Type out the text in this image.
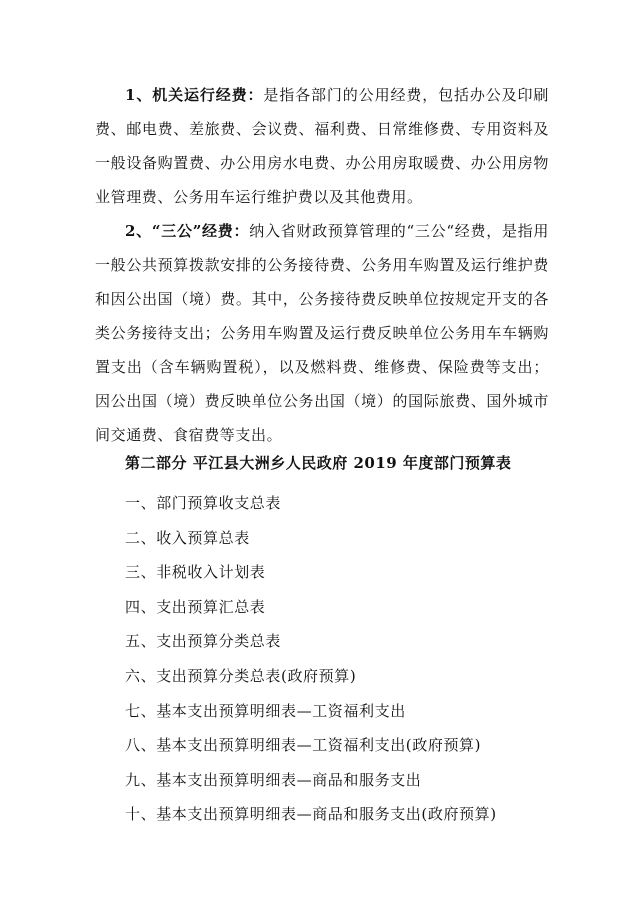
1、机关运行经费：是指各部门的公用经费，包括办公及印刷费、邮电费、差旅费、会议费、福利费、日常维修费、专用资料及一般设备购置费、办公用房水电费、办公用房取暖费、办公用房物业管理费、公务用车运行维护费以及其他费用。

2、“三公”经费：纳入省财政预算管理的“三公“经费，是指用一般公共预算拨款安排的公务接待费、公务用车购置及运行维护费和因公出国（境）费。其中，公务接待费反映单位按规定开支的各类公务接待支出；公务用车购置及运行费反映单位公务用车车辆购置支出（含车辆购置税），以及燃料费、维修费、保险费等支出；因公出国（境）费反映单位公务出国（境）的国际旅费、国外城市间交通费、食宿费等支出。

第二部分 平江县大洲乡人民政府 2019 年度部门预算表

一、部门预算收支总表
二、收入预算总表
三、非税收入计划表
四、支出预算汇总表
五、支出预算分类总表
六、支出预算分类总表(政府预算)
七、基本支出预算明细表—工资福利支出
八、基本支出预算明细表—工资福利支出(政府预算)
九、基本支出预算明细表—商品和服务支出
十、基本支出预算明细表—商品和服务支出(政府预算)
